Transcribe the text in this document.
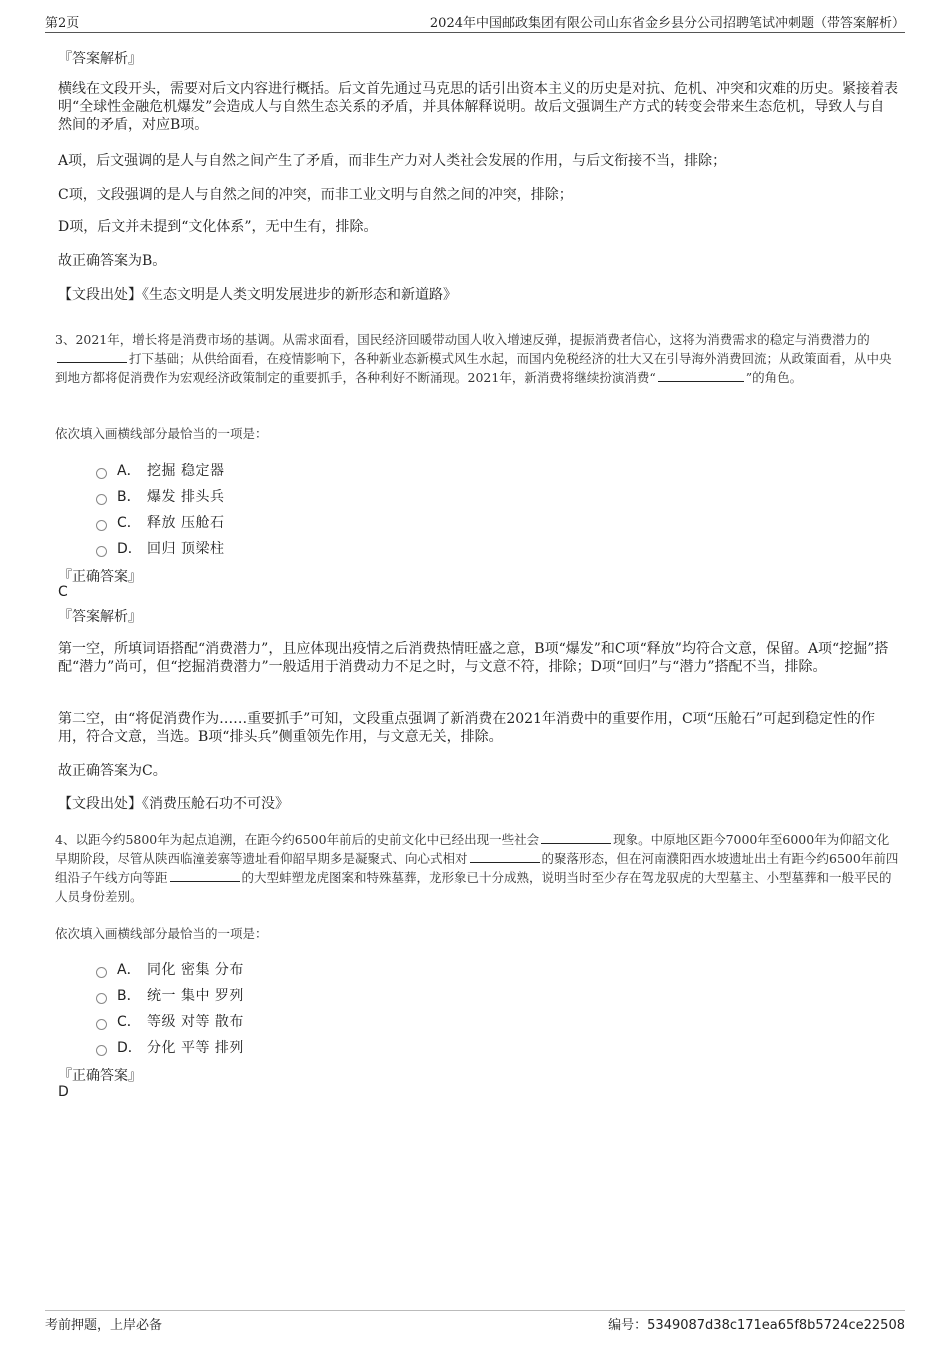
第2页	2024年中国邮政集团有限公司山东省金乡县分公司招聘笔试冲刺题（带答案解析）
『答案解析』
横线在文段开头，需要对后文内容进行概括。后文首先通过马克思的话引出资本主义的历史是对抗、危机、冲突和灾难的历史。紧接着表明“全球性金融危机爆发”会造成人与自然生态关系的矛盾，并具体解释说明。故后文强调生产方式的转变会带来生态危机，导致人与自然间的矛盾，对应B项。
A项，后文强调的是人与自然之间产生了矛盾，而非生产力对人类社会发展的作用，与后文衔接不当，排除；
C项，文段强调的是人与自然之间的冲突，而非工业文明与自然之间的冲突，排除；
D项，后文并未提到“文化体系”，无中生有，排除。
故正确答案为B。
【文段出处】《生态文明是人类文明发展进步的新形态和新道路》
3、2021年，增长将是消费市场的基调。从需求面看，国民经济回暖带动国人收入增速反弹，提振消费者信心，这将为消费需求的稳定与消费潜力的打下基础；从供给面看，在疫情影响下，各种新业态新模式风生水起，而国内免税经济的壮大又在引导海外消费回流；从政策面看，从中央到地方都将促消费作为宏观经济政策制定的重要抓手，各种利好不断涌现。2021年，新消费将继续扮演消费“	”的角色。
依次填入画横线部分最恰当的一项是：
A． 挖掘 稳定器
B． 爆发 排头兵
C． 释放 压舱石
D． 回归 顶梁柱
『正确答案』
C
『答案解析』
第一空，所填词语搭配“消费潜力”，且应体现出疫情之后消费热情旺盛之意，B项“爆发”和C项“释放”均符合文意，保留。A项“挖掘”搭配“潜力”尚可，但“挖掘消费潜力”一般适用于消费动力不足之时，与文意不符，排除；D项“回归”与“潜力”搭配不当，排除。
第二空，由“将促消费作为……重要抓手”可知，文段重点强调了新消费在2021年消费中的重要作用，C项“压舱石”可起到稳定性的作用，符合文意，当选。B项“排头兵”侧重领先作用，与文意无关，排除。
故正确答案为C。
【文段出处】《消费压舱石功不可没》
4、以距今约5800年为起点追溯，在距今约6500年前后的史前文化中已经出现一些社会	现象。中原地区距今7000年至6000年为仰韶文化早期阶段，尽管从陕西临潼姜寨等遗址看仰韶早期多是凝聚式、向心式相对	的聚落形态，但在河南濮阳西水坡遗址出土有距今约6500年前四组沿子午线方向等距	的大型蚌塑龙虎图案和特殊墓葬，龙形象已十分成熟，说明当时至少存在驾龙驭虎的大型墓主、小型墓葬和一般平民的人员身份差别。
依次填入画横线部分最恰当的一项是：
A． 同化 密集 分布
B． 统一 集中 罗列
C． 等级 对等 散布
D． 分化 平等 排列
『正确答案』
D
考前押题，上岸必备	编号：5349087d38c171ea65f8b5724ce22508
